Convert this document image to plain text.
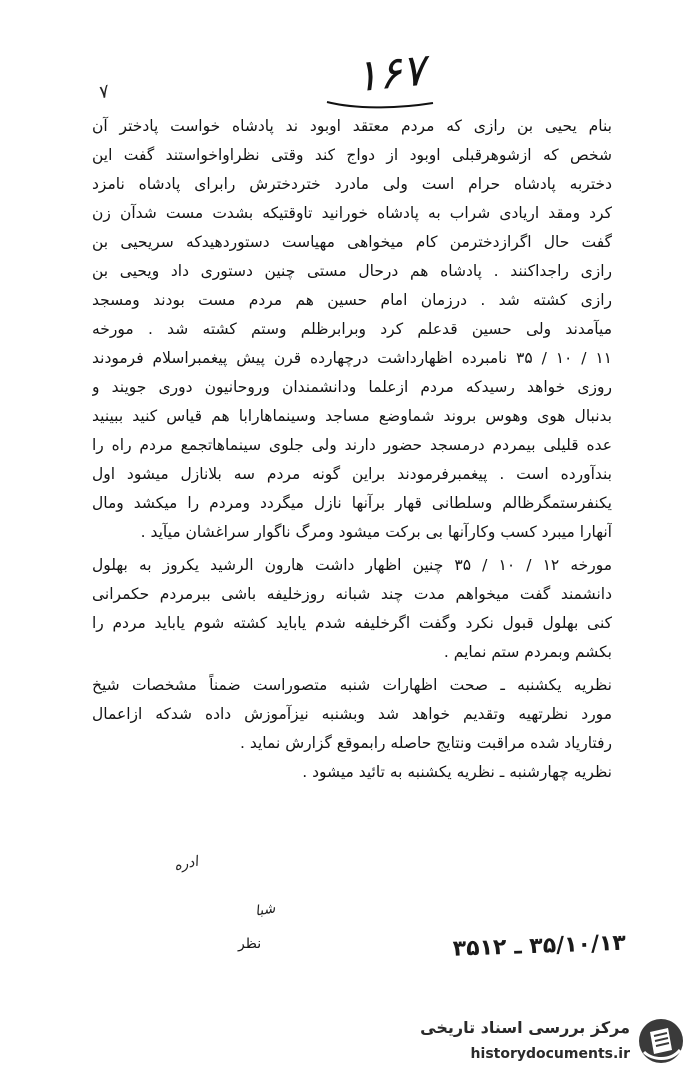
۱۶۷
۷
بنام یحیی بن رازی که مردم معتقد اوبود ند پادشاه خواست پادختر آن
شخص که ازشوهرقبلی اوبود از دواج کند وقتی نظراواخواستند گفت این
دختربه پادشاه حرام است ولی مادرد ختردخترش رابرای پادشاه نامزد
کرد ومقد اریادی شراب به پادشاه خورانید تاوقتیکه بشدت مست شدآن زن
گفت حال اگرازدخترمن کام میخواهی مهیاست دستوردهیدکه سریحیی بن
رازی راجداکنند . پادشاه هم درحال مستی چنین دستوری داد ویحیی بن
رازی کشته شد . درزمان امام حسین هم مردم مست بودند ومسجد
میآمدند ولی حسین قدعلم کرد وبرابرظلم وستم کشته شد . مورخه
۱۱ / ۱۰ / ۳۵ نامبرده اظهارداشت درچهارده قرن پیش پیغمبراسلام فرمودند
روزی خواهد رسیدکه مردم ازعلما ودانشمندان وروحانیون دوری جویند و
بدنبال هوی وهوس بروند شماوضع مساجد وسینماهارابا هم قیاس کنید ببینید
عده قلیلی بیمردم درمسجد حضور دارند ولی جلوی سینماهاتجمع مردم راه را
بندآورده است . پیغمبرفرمودند براین گونه مردم سه بلانازل میشود اول
یکنفرستمگرظالم وسلطانی قهار برآنها نازل میگردد ومردم را میکشد ومال
آنهارا میبرد کسب وکارآنها بی برکت میشود ومرگ ناگوار سراغشان میآید .
مورخه ۱۲ / ۱۰ / ۳۵ چنین اظهار داشت هارون الرشید یکروز به بهلول
دانشمند گفت میخواهم مدت چند شبانه روزخلیفه باشی ببرمردم حکمرانی
کنی بهلول قبول نکرد وگفت اگرخلیفه شدم یاباید کشته شوم یاباید مردم را
بکشم وبمردم ستم نمایم .
نظریه یکشنبه ـ صحت اظهارات شنبه متصوراست ضمناً مشخصات شیخ
مورد نظرتهیه وتقدیم خواهد شد وبشنبه نیزآموزش داده شدکه ازاعمال
رفتاریاد شده مراقبت ونتایج حاصله رابموقع گزارش نماید .
نظریه چهارشنبه ـ نظریه یکشنبه به تائید میشود .
ادره
شبا
نظر	۳۵/۱۰/۱۳ ـ ۳۵۱۲
مرکز بررسی اسناد تاریخی
historydocuments.ir
